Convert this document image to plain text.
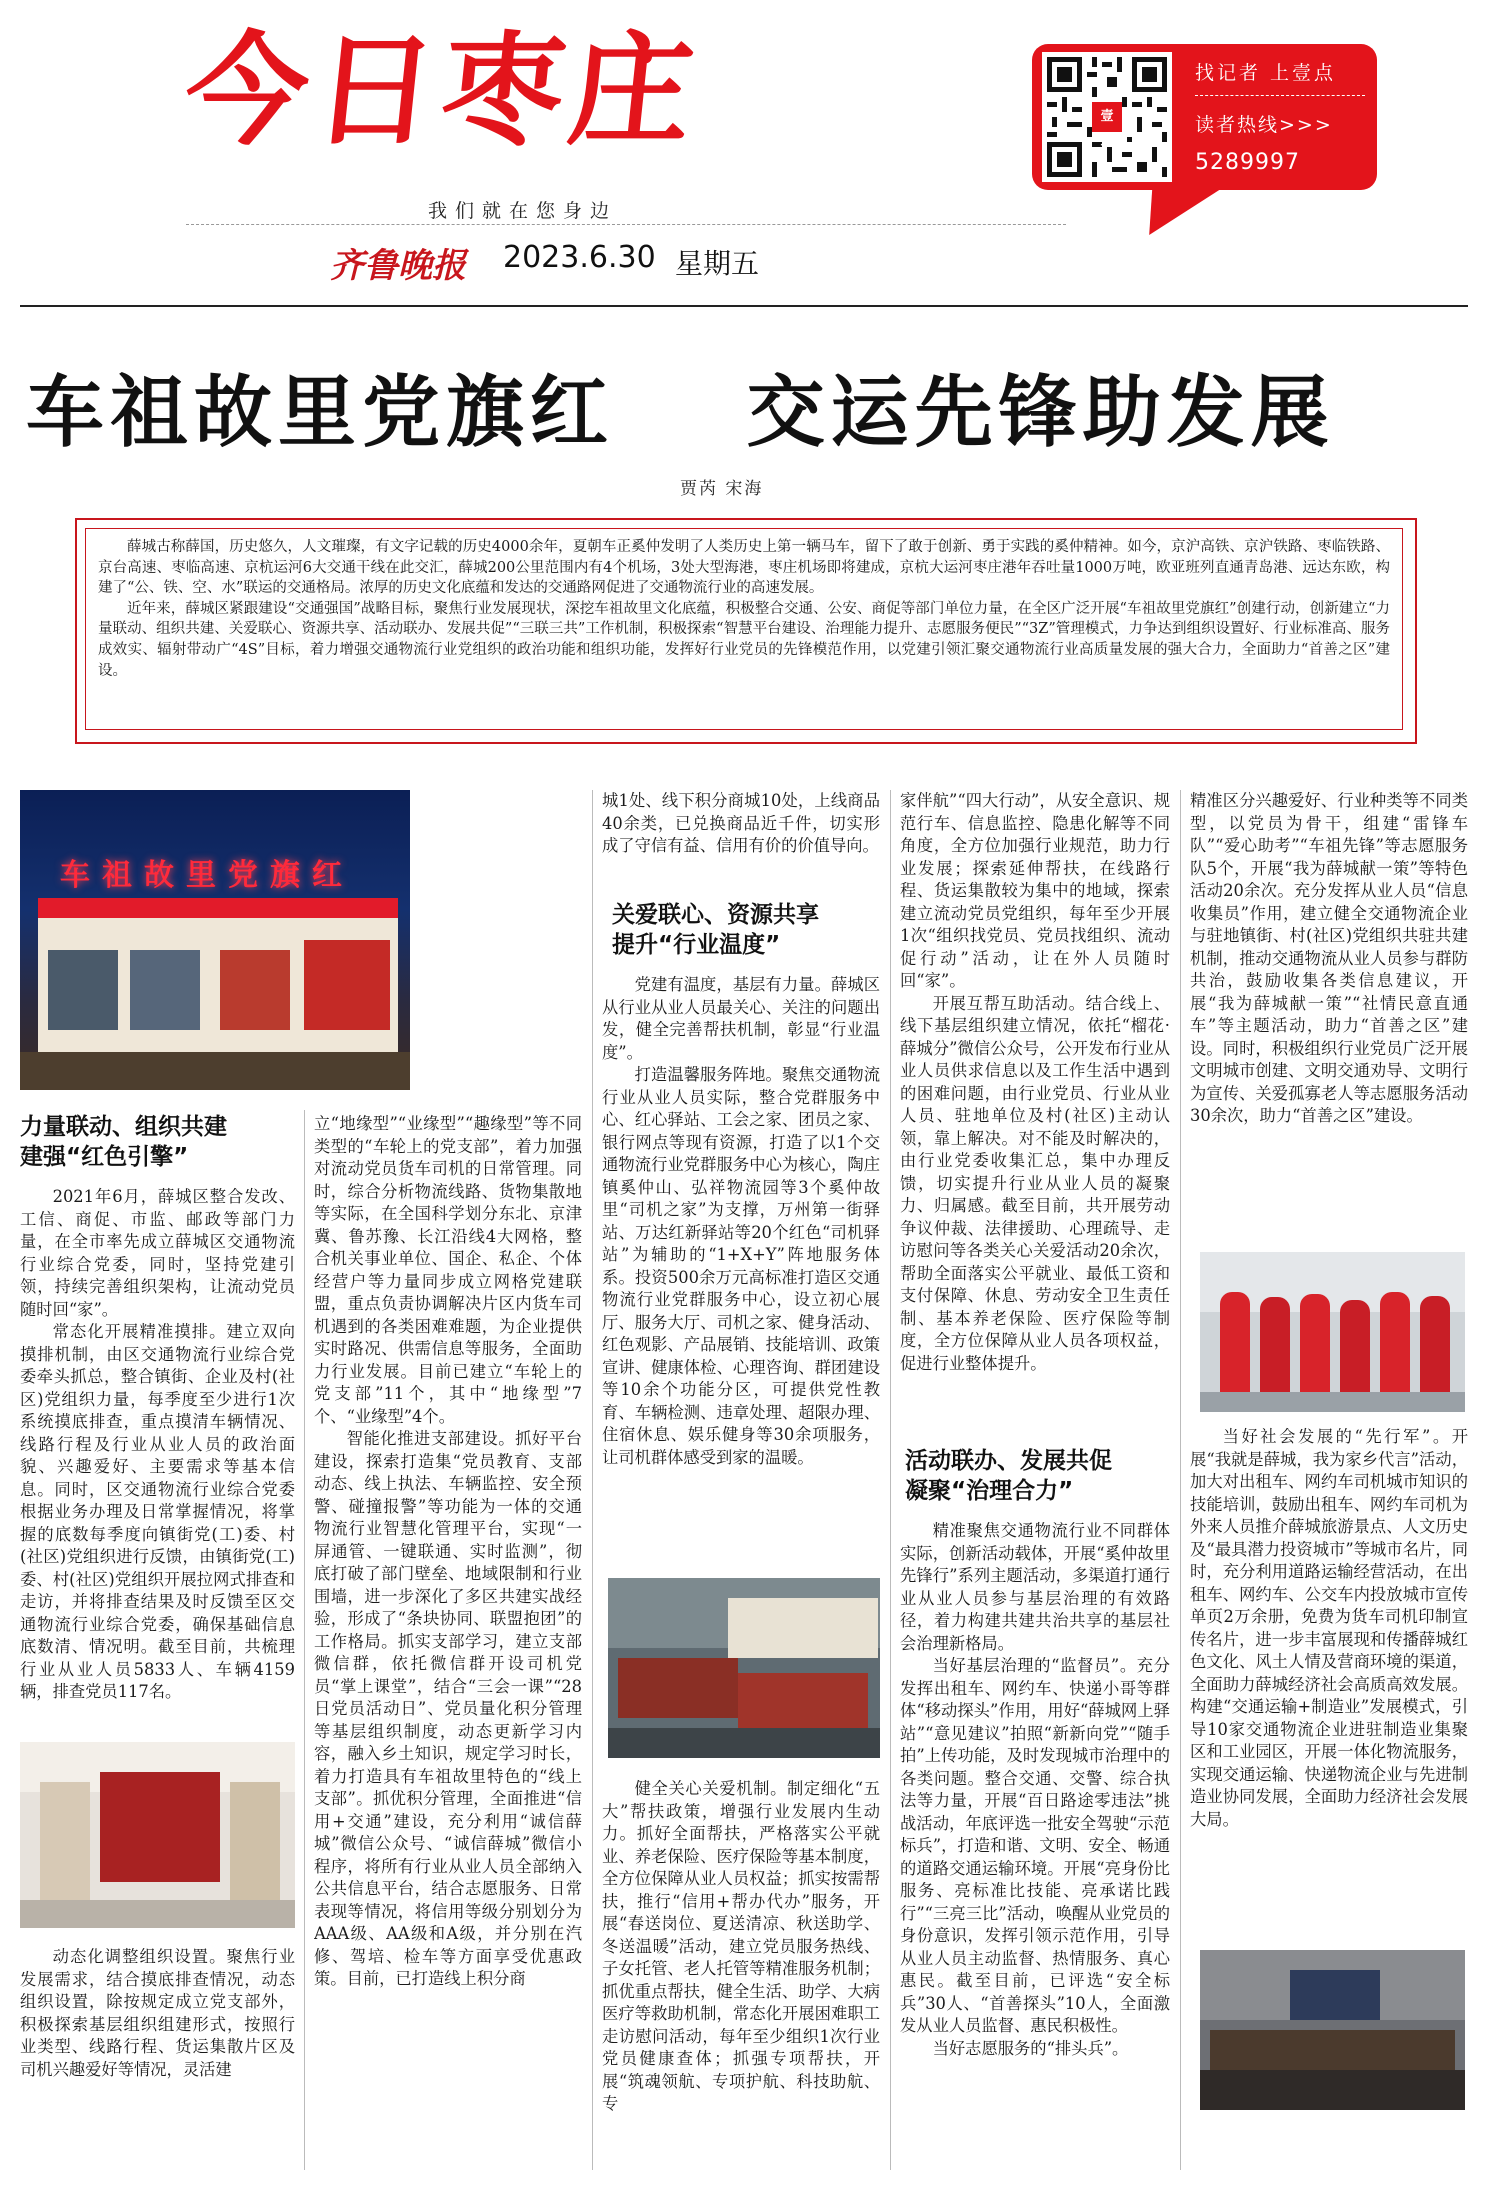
今日枣庄
我们就在您身边
齐鲁晚报 2023.6.30 星期五
壹点
找记者 上壹点
读者热线>>>
5289997
车祖故里党旗红    交运先锋助发展
贾芮 宋海

薛城古称薛国，历史悠久，人文璀璨，有文字记载的历史4000余年，夏朝车正奚仲发明了人类历史上第一辆马车，留下了敢于创新、勇于实践的奚仲精神。如今，京沪高铁、京沪铁路、枣临铁路、京台高速、枣临高速、京杭运河6大交通干线在此交汇，薛城200公里范围内有4个机场，3处大型海港，枣庄机场即将建成，京杭大运河枣庄港年吞吐量1000万吨，欧亚班列直通青岛港、远达东欧，构建了“公、铁、空、水”联运的交通格局。浓厚的历史文化底蕴和发达的交通路网促进了交通物流行业的高速发展。

近年来，薛城区紧跟建设“交通强国”战略目标，聚焦行业发展现状，深挖车祖故里文化底蕴，积极整合交通、公安、商促等部门单位力量，在全区广泛开展“车祖故里党旗红”创建行动，创新建立“力量联动、组织共建、关爱联心、资源共享、活动联办、发展共促”“三联三共”工作机制，积极探索“智慧平台建设、治理能力提升、志愿服务便民”“3Z”管理模式，力争达到组织设置好、行业标准高、服务成效实、辐射带动广“4S”目标，着力增强交通物流行业党组织的政治功能和组织功能，发挥好行业党员的先锋模范作用，以党建引领汇聚交通物流行业高质量发展的强大合力，全面助力“首善之区”建设。

车祖故里党旗红
力量联动、组织共建
建强“红色引擎”

2021年6月，薛城区整合发改、工信、商促、市监、邮政等部门力量，在全市率先成立薛城区交通物流行业综合党委，同时，坚持党建引领，持续完善组织架构，让流动党员随时回“家”。

常态化开展精准摸排。建立双向摸排机制，由区交通物流行业综合党委牵头抓总，整合镇街、企业及村(社区)党组织力量，每季度至少进行1次系统摸底排查，重点摸清车辆情况、线路行程及行业从业人员的政治面貌、兴趣爱好、主要需求等基本信息。同时，区交通物流行业综合党委根据业务办理及日常掌握情况，将掌握的底数每季度向镇街党(工)委、村(社区)党组织进行反馈，由镇街党(工)委、村(社区)党组织开展拉网式排查和走访，并将排查结果及时反馈至区交通物流行业综合党委，确保基础信息底数清、情况明。截至目前，共梳理行业从业人员5833人、车辆4159辆，排查党员117名。

动态化调整组织设置。聚焦行业发展需求，结合摸底排查情况，动态组织设置，除按规定成立党支部外，积极探索基层组织组建形式，按照行业类型、线路行程、货运集散片区及司机兴趣爱好等情况，灵活建

立“地缘型”“业缘型”“趣缘型”等不同类型的“车轮上的党支部”，着力加强对流动党员货车司机的日常管理。同时，综合分析物流线路、货物集散地等实际，在全国科学划分东北、京津冀、鲁苏豫、长江沿线4大网格，整合机关事业单位、国企、私企、个体经营户等力量同步成立网格党建联盟，重点负责协调解决片区内货车司机遇到的各类困难难题，为企业提供实时路况、供需信息等服务，全面助力行业发展。目前已建立“车轮上的党支部”11个，其中“地缘型”7个、“业缘型”4个。

智能化推进支部建设。抓好平台建设，探索打造集“党员教育、支部动态、线上执法、车辆监控、安全预警、碰撞报警”等功能为一体的交通物流行业智慧化管理平台，实现“一屏通管、一键联通、实时监测”，彻底打破了部门壁垒、地域限制和行业围墙，进一步深化了多区共建实战经验，形成了“条块协同、联盟抱团”的工作格局。抓实支部学习，建立支部微信群，依托微信群开设司机党员“掌上课堂”，结合“三会一课”“28日党员活动日”、党员量化积分管理等基层组织制度，动态更新学习内容，融入乡土知识，规定学习时长，着力打造具有车祖故里特色的“线上支部”。抓优积分管理，全面推进“信用+交通”建设，充分利用“诚信薛城”微信公众号、“诚信薛城”微信小程序，将所有行业从业人员全部纳入公共信息平台，结合志愿服务、日常表现等情况，将信用等级分别划分为AAA级、AA级和A级，并分别在汽修、驾培、检车等方面享受优惠政策。目前，已打造线上积分商

城1处、线下积分商城10处，上线商品40余类，已兑换商品近千件，切实形成了守信有益、信用有价的价值导向。

关爱联心、资源共享
提升“行业温度”

党建有温度，基层有力量。薛城区从行业从业人员最关心、关注的问题出发，健全完善帮扶机制，彰显“行业温度”。

打造温馨服务阵地。聚焦交通物流行业从业人员实际，整合党群服务中心、红心驿站、工会之家、团员之家、银行网点等现有资源，打造了以1个交通物流行业党群服务中心为核心，陶庄镇奚仲山、弘祥物流园等3个奚仲故里“司机之家”为支撑，万州第一街驿站、万达红新驿站等20个红色“司机驿站”为辅助的“1+X+Y”阵地服务体系。投资500余万元高标准打造区交通物流行业党群服务中心，设立初心展厅、服务大厅、司机之家、健身活动、红色观影、产品展销、技能培训、政策宣讲、健康体检、心理咨询、群团建设等10余个功能分区，可提供党性教育、车辆检测、违章处理、超限办理、住宿休息、娱乐健身等30余项服务，让司机群体感受到家的温暖。

健全关心关爱机制。制定细化“五大”帮扶政策，增强行业发展内生动力。抓好全面帮扶，严格落实公平就业、养老保险、医疗保险等基本制度，全方位保障从业人员权益；抓实按需帮扶，推行“信用+帮办代办”服务，开展“春送岗位、夏送清凉、秋送助学、冬送温暖”活动，建立党员服务热线、子女托管、老人托管等精准服务机制；抓优重点帮扶，健全生活、助学、大病医疗等救助机制，常态化开展困难职工走访慰问活动，每年至少组织1次行业党员健康查体；抓强专项帮扶，开展“筑魂领航、专项护航、科技助航、专

家伴航”“四大行动”，从安全意识、规范行车、信息监控、隐患化解等不同角度，全方位加强行业规范，助力行业发展；探索延伸帮扶，在线路行程、货运集散较为集中的地域，探索建立流动党员党组织，每年至少开展1次“组织找党员、党员找组织、流动促行动”活动，让在外人员随时回“家”。

开展互帮互助活动。结合线上、线下基层组织建立情况，依托“榴花·薛城分”微信公众号，公开发布行业从业人员供求信息以及工作生活中遇到的困难问题，由行业党员、行业从业人员、驻地单位及村(社区)主动认领，靠上解决。对不能及时解决的，由行业党委收集汇总，集中办理反馈，切实提升行业从业人员的凝聚力、归属感。截至目前，共开展劳动争议仲裁、法律援助、心理疏导、走访慰问等各类关心关爱活动20余次，帮助全面落实公平就业、最低工资和支付保障、休息、劳动安全卫生责任制、基本养老保险、医疗保险等制度，全方位保障从业人员各项权益，促进行业整体提升。

活动联办、发展共促
凝聚“治理合力”

精准聚焦交通物流行业不同群体实际，创新活动载体，开展“奚仲故里先锋行”系列主题活动，多渠道打通行业从业人员参与基层治理的有效路径，着力构建共建共治共享的基层社会治理新格局。

当好基层治理的“监督员”。充分发挥出租车、网约车、快递小哥等群体“移动探头”作用，用好“薛城网上驿站”“意见建议”拍照“新新向党”“随手拍”上传功能，及时发现城市治理中的各类问题。整合交通、交警、综合执法等力量，开展“百日路途零违法”挑战活动，年底评选一批安全驾驶“示范标兵”，打造和谐、文明、安全、畅通的道路交通运输环境。开展“亮身份比服务、亮标准比技能、亮承诺比践行”“三亮三比”活动，唤醒从业党员的身份意识，发挥引领示范作用，引导从业人员主动监督、热情服务、真心惠民。截至目前，已评选“安全标兵”30人、“首善探头”10人，全面激发从业人员监督、惠民积极性。

当好志愿服务的“排头兵”。

精准区分兴趣爱好、行业种类等不同类型，以党员为骨干，组建“雷锋车队”“爱心助考”“车祖先锋”等志愿服务队5个，开展“我为薛城献一策”等特色活动20余次。充分发挥从业人员“信息收集员”作用，建立健全交通物流企业与驻地镇街、村(社区)党组织共驻共建机制，推动交通物流从业人员参与群防共治，鼓励收集各类信息建议，开展“我为薛城献一策”“社情民意直通车”等主题活动，助力“首善之区”建设。同时，积极组织行业党员广泛开展文明城市创建、文明交通劝导、文明行为宣传、关爱孤寡老人等志愿服务活动30余次，助力“首善之区”建设。

当好社会发展的“先行军”。开展“我就是薛城，我为家乡代言”活动，加大对出租车、网约车司机城市知识的技能培训，鼓励出租车、网约车司机为外来人员推介薛城旅游景点、人文历史及“最具潜力投资城市”等城市名片，同时，充分利用道路运输经营活动，在出租车、网约车、公交车内投放城市宣传单页2万余册，免费为货车司机印制宣传名片，进一步丰富展现和传播薛城红色文化、风土人情及营商环境的渠道，全面助力薛城经济社会高质高效发展。构建“交通运输+制造业”发展模式，引导10家交通物流企业进驻制造业集聚区和工业园区，开展一体化物流服务，实现交通运输、快递物流企业与先进制造业协同发展，全面助力经济社会发展大局。
